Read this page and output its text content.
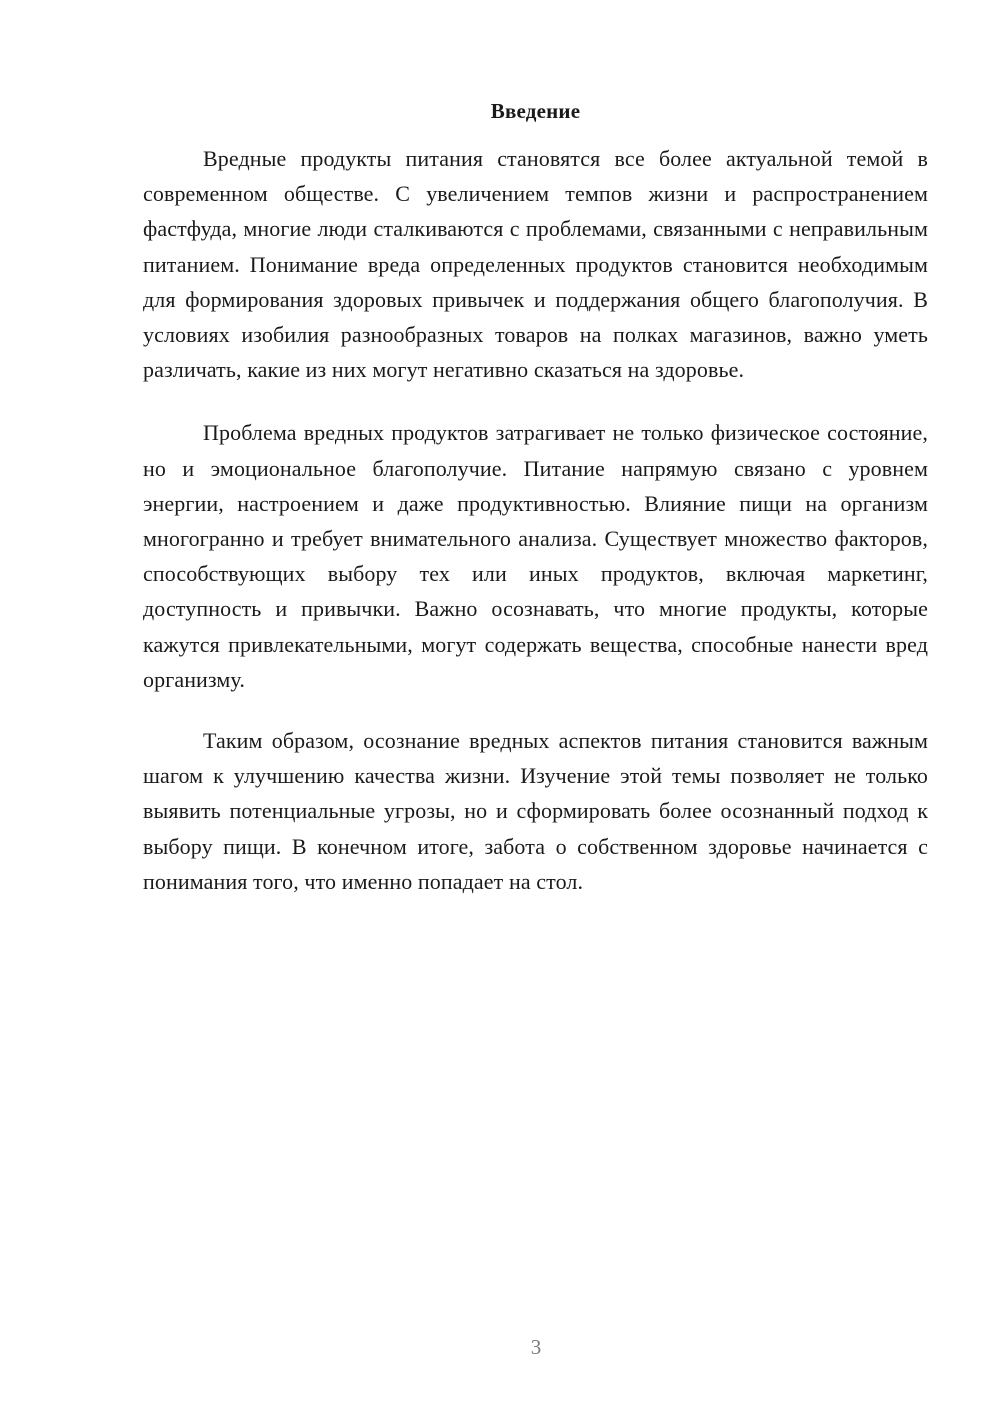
Введение

Вредные продукты питания становятся все более актуальной темой в современном обществе. С увеличением темпов жизни и распространением фастфуда, многие люди сталкиваются с проблемами, связанными с неправильным питанием. Понимание вреда определенных продуктов становится необходимым для формирования здоровых привычек и поддержания общего благополучия. В условиях изобилия разнообразных товаров на полках магазинов, важно уметь различать, какие из них могут негативно сказаться на здоровье.

Проблема вредных продуктов затрагивает не только физическое состояние, но и эмоциональное благополучие. Питание напрямую связано с уровнем энергии, настроением и даже продуктивностью. Влияние пищи на организм многогранно и требует внимательного анализа. Существует множество факторов, способствующих выбору тех или иных продуктов, включая маркетинг, доступность и привычки. Важно осознавать, что многие продукты, которые кажутся привлекательными, могут содержать вещества, способные нанести вред организму.

Таким образом, осознание вредных аспектов питания становится важным шагом к улучшению качества жизни. Изучение этой темы позволяет не только выявить потенциальные угрозы, но и сформировать более осознанный подход к выбору пищи. В конечном итоге, забота о собственном здоровье начинается с понимания того, что именно попадает на стол.

3
